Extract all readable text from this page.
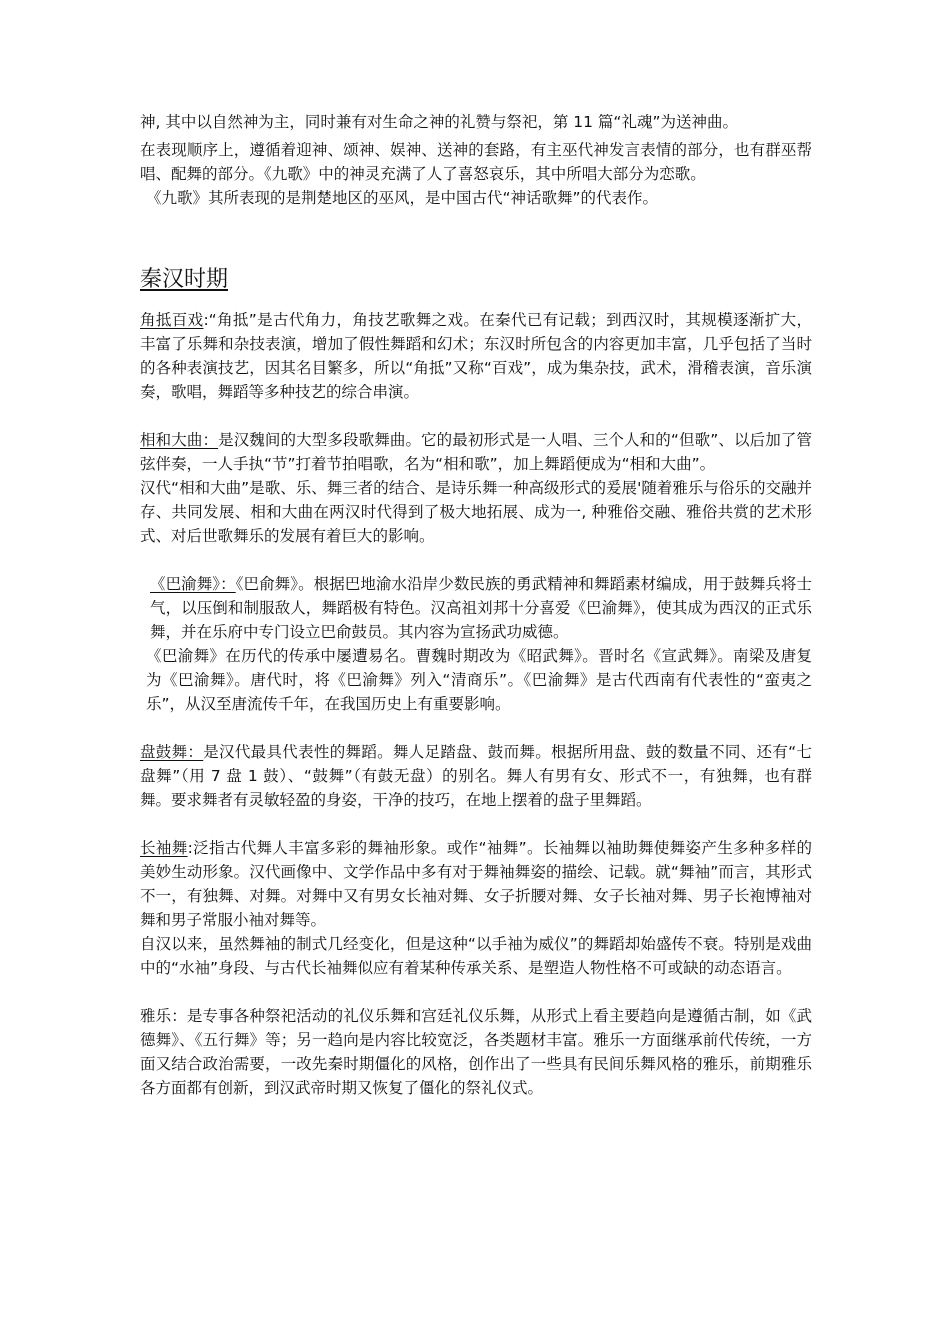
神, 其中以自然神为主，同时兼有对生命之神的礼赞与祭祀，第 11 篇“礼魂”为送神曲。

在表现顺序上，遵循着迎神、颂神、娱神、送神的套路，有主巫代神发言表情的部分，也有群巫帮唱、配舞的部分。《九歌》中的神灵充满了人了喜怒哀乐，其中所唱大部分为恋歌。

《九歌》其所表现的是荆楚地区的巫风，是中国古代“神话歌舞”的代表作。

秦汉时期

角抵百戏:“角抵”是古代角力，角技艺歌舞之戏。在秦代已有记载；到西汉时，其规模逐渐扩大，丰富了乐舞和杂技表演，增加了假性舞蹈和幻术；东汉时所包含的内容更加丰富，几乎包括了当时的各种表演技艺，因其名目繁多，所以“角抵”又称“百戏”，成为集杂技，武术，滑稽表演，音乐演奏，歌唱，舞蹈等多种技艺的综合串演。

相和大曲：是汉魏间的大型多段歌舞曲。它的最初形式是一人唱、三个人和的“但歌”、以后加了管弦伴奏，一人手执“节”打着节拍唱歌，名为“相和歌”，加上舞蹈便成为“相和大曲”。

汉代“相和大曲”是歌、乐、舞三者的结合、是诗乐舞一种高级形式的爰展'随着雅乐与俗乐的交融并存、共同发展、相和大曲在两汉时代得到了极大地拓展、成为一, 种雅俗交融、雅俗共赏的艺术形式、对后世歌舞乐的发展有着巨大的影响。

《巴渝舞》：《巴俞舞》。根据巴地渝水沿岸少数民族的勇武精神和舞蹈素材编成，用于鼓舞兵将士气，以压倒和制服敌人，舞蹈极有特色。汉高祖刘邦十分喜爱《巴渝舞》，使其成为西汉的正式乐舞，并在乐府中专门设立巴俞鼓员。其内容为宣扬武功威德。

《巴渝舞》在历代的传承中屡遭易名。曹魏时期改为《昭武舞》。晋时名《宣武舞》。南梁及唐复为《巴渝舞》。唐代时，将《巴渝舞》列入“清商乐”。《巴渝舞》是古代西南有代表性的“蛮夷之乐”，从汉至唐流传千年，在我国历史上有重要影响。

盘鼓舞：是汉代最具代表性的舞蹈。舞人足踏盘、鼓而舞。根据所用盘、鼓的数量不同、还有“七盘舞”（用 7 盘 1 鼓）、“鼓舞”（有鼓无盘）的别名。舞人有男有女、形式不一，有独舞，也有群舞。要求舞者有灵敏轻盈的身姿，干净的技巧，在地上摆着的盘子里舞蹈。

长袖舞:泛指古代舞人丰富多彩的舞袖形象。或作“袖舞”。长袖舞以袖助舞使舞姿产生多种多样的美妙生动形象。汉代画像中、文学作品中多有对于舞袖舞姿的描绘、记载。就“舞袖”而言，其形式不一，有独舞、对舞。对舞中又有男女长袖对舞、女子折腰对舞、女子长袖对舞、男子长袍博袖对舞和男子常服小袖对舞等。

自汉以来，虽然舞袖的制式几经变化，但是这种“以手袖为威仪”的舞蹈却始盛传不衰。特别是戏曲中的“水袖”身段、与古代长袖舞似应有着某种传承关系、是塑造人物性格不可或缺的动态语言。

雅乐：是专事各种祭祀活动的礼仪乐舞和宫廷礼仪乐舞，从形式上看主要趋向是遵循古制，如《武德舞》、《五行舞》等；另一趋向是内容比较宽泛，各类题材丰富。雅乐一方面继承前代传统，一方面又结合政治需要，一改先秦时期僵化的风格，创作出了一些具有民间乐舞风格的雅乐，前期雅乐各方面都有创新，到汉武帝时期又恢复了僵化的祭礼仪式。
